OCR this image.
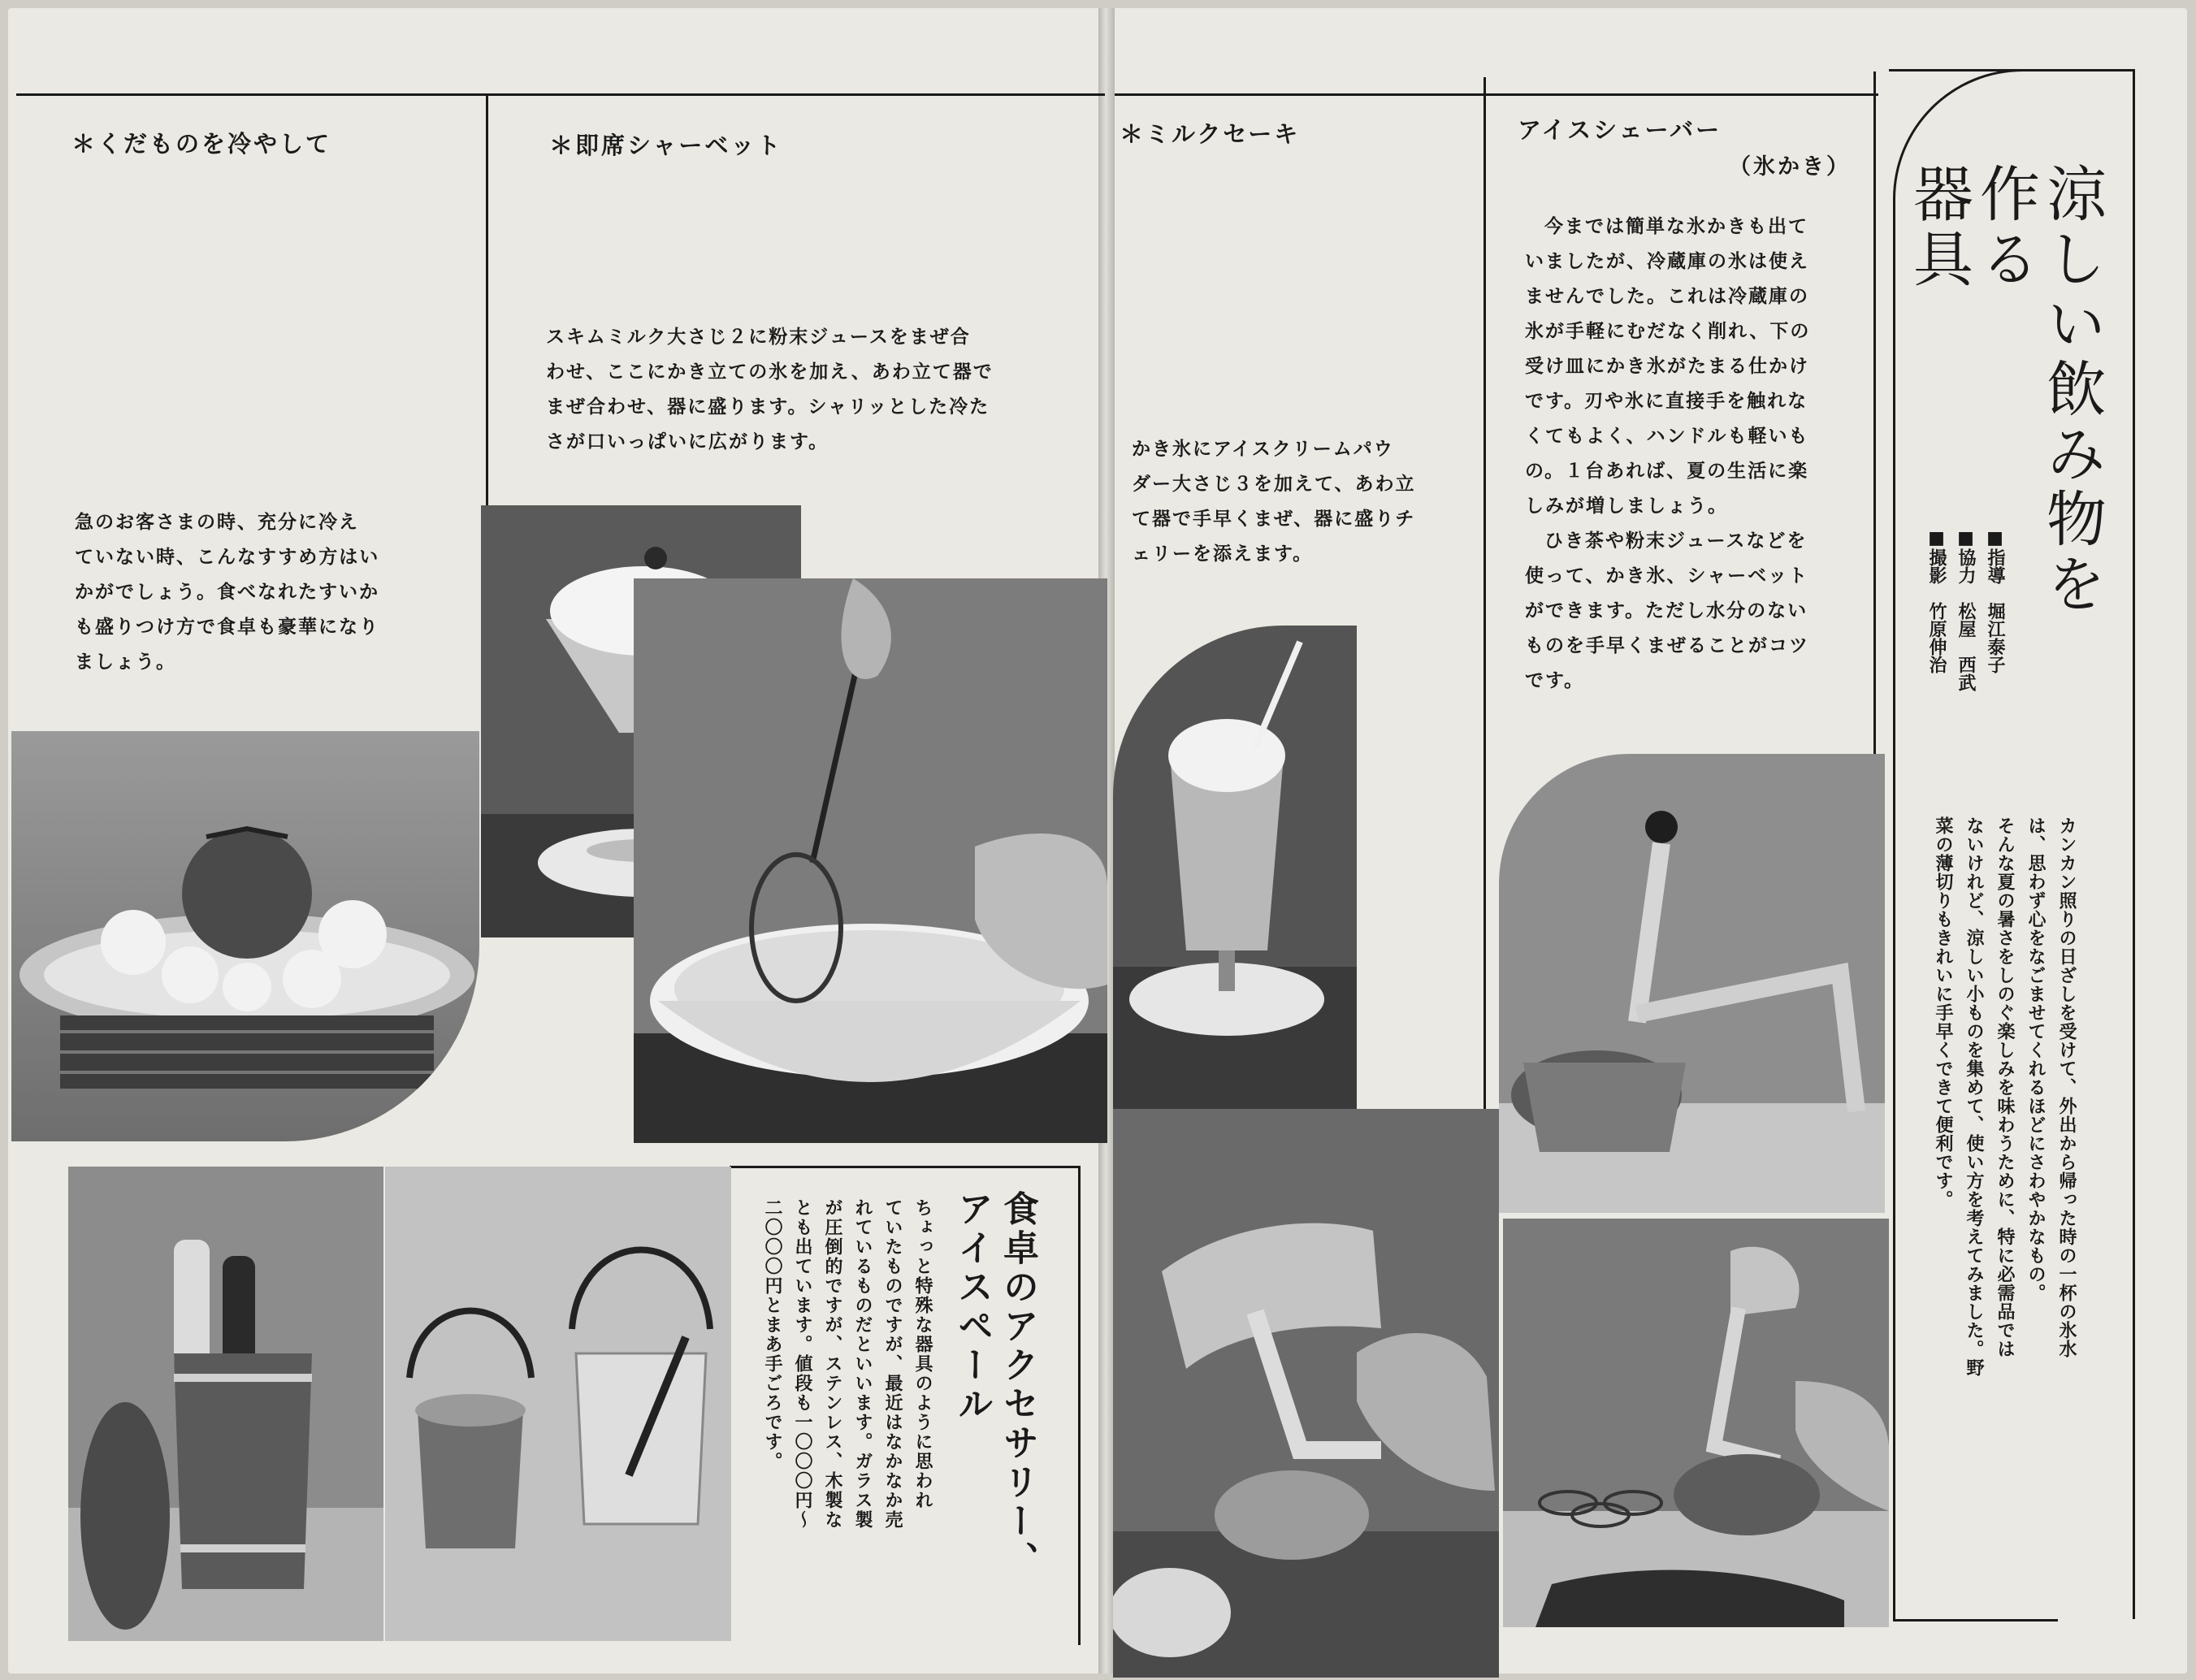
＊くだものを冷やして

急のお客さまの時、充分に冷え

ていない時、こんなすすめ方はい

かがでしょう。食べなれたすいか

も盛りつけ方で食卓も豪華になり

ましょう。

＊即席シャーベット

スキムミルク大さじ２に粉末ジュースをまぜ合

わせ、ここにかき立ての氷を加え、あわ立て器で

まぜ合わせ、器に盛ります。シャリッとした冷た

さが口いっぱいに広がります。

食卓のアクセサリー、
アイスペール
ちょっと特殊な器具のように思われ
ていたものですが、最近はなかなか売
れているものだといいます。ガラス製
が圧倒的ですが、ステンレス、木製な
とも出ています。値段も一〇〇〇円〜
二〇〇〇円とまあ手ごろです。
＊ミルクセーキ

かき氷にアイスクリームパウ

ダー大さじ３を加えて、あわ立

て器で手早くまぜ、器に盛りチ

ェリーを添えます。

アイスシェーバー
（氷かき）

今までは簡単な氷かきも出て

いましたが、冷蔵庫の氷は使え

ませんでした。これは冷蔵庫の

氷が手軽にむだなく削れ、下の

受け皿にかき氷がたまる仕かけ

です。刃や氷に直接手を触れな

くてもよく、ハンドルも軽いも

の。１台あれば、夏の生活に楽

しみが増しましょう。

ひき茶や粉末ジュースなどを

使って、かき氷、シャーベット

ができます。ただし水分のない

ものを手早くまぜることがコツ

です。

涼しい飲み物を
作る
器具
■指導　堀江泰子
■協力　松屋　西武
■撮影　竹原伸治
カンカン照りの日ざしを受けて、外出から帰った時の一杯の氷水
は、思わず心をなごませてくれるほどにさわやかなもの。
そんな夏の暑さをしのぐ楽しみを味わうために、特に必需品では
ないけれど、涼しい小ものを集めて、使い方を考えてみました。野
菜の薄切りもきれいに手早くできて便利です。
